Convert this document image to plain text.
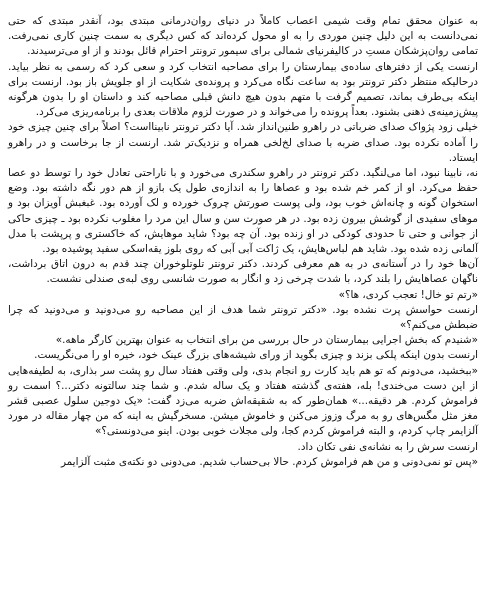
به عنوان محقق تمام وقت شیمی اعصاب کاملاً در دنیای روان‌درمانی مبتدی بود، آنقدر مبتدی که حتی نمی‌دانست به این دلیل چنین موردی را به او محول کرده‌اند که کس دیگری به سمت چنین کاری نمی‌رفت. تمامی روان‌پزشکان مستِ در کالیفرنیای شمالی برای سیمور ترونتر احترام قائل بودند و از او می‌ترسیدند.

ارنست یکی از دفترهای ساده‌ی بیمارستان را برای مصاحبه انتخاب کرد و سعی کرد که رسمی به نظر بیاید. درحالیکه منتظر دکتر ترونتر بود به ساعت نگاه می‌کرد و پرونده‌ی شکایت از او جلویش باز بود. ارنست برای اینکه بی‌طرف بماند، تصمیم گرفت با متهم بدون هیچ دانش قبلی مصاحبه کند و داستان او را بدون هرگونه پیش‌زمینه‌ی ذهنی بشنود. بعداً پرونده را می‌خواند و در صورت لزوم ملاقات بعدی را برنامه‌ریزی می‌کرد.

خیلی زود پژواک صدای ضرباتی در راهرو طنین‌انداز شد. آیا دکتر ترونتر نابینااست؟ اصلاً برای چنین چیزی خود را آماده نکرده بود. صدای ضربه با صدای لخ‌لخی همراه و نزدیک‌تر شد. ارنست از جا برخاست و در راهرو ایستاد.

نه، نابینا نبود، اما می‌لنگید. دکتر ترونتر در راهرو سکندری می‌خورد و با ناراحتی تعادل خود را توسط دو عصا حفظ می‌کرد. او از کمر خم شده بود و عصاها را به اندازه‌ی طول یک بازو از هم دور نگه داشته بود. وضع استخوان گونه و چانه‌اش خوب بود، ولی پوست صورتش چروک خورده و لک آورده بود. غبغبش آویزان بود و موهای سفیدی از گوشش بیرون زده بود. در هر صورت سن و سال این مرد را مغلوب نکرده بود ـ چیزی حاکی از جوانی و حتی تا حدودی کودکی در او زنده بود. آن چه بود؟ شاید موهایش، که خاکستری و پرپشت با مدل آلمانی زده شده بود. شاید هم لباس‌هایش، یک ژاکت آبی آبی که روی بلوز یقه‌اسکی سفید پوشیده بود.

آن‌ها خود را در آستانه‌ی در به هم معرفی کردند. دکتر ترونتر تلوتلوخوران چند قدم به درون اتاق برداشت، ناگهان عصاهایش را بلند کرد، با شدت چرخی زد و انگار به صورت شانسی روی لبه‌ی صندلی نشست.

«رتم تو خال! تعجب کردی، ها؟»

ارنست حواسش پرت نشده بود. «دکتر ترونتر شما هدف از این مصاحبه رو می‌دونید و می‌دونید که چرا ضبطش می‌کنم؟»

«شنیدم که بخش اجرایی بیمارستان در حال بررسی من برای انتخاب به عنوان بهترین کارگر ماهه.»

ارنست بدون اینکه پلکی بزند و چیزی بگوید از ورای شیشه‌های بزرگ عینک خود، خیره او را می‌نگریست.

«ببخشید، می‌دونم که تو هم باید کارت رو انجام بدی، ولی وقتی هفتاد سال رو پشت سر بذاری، به لطیفه‌هایی از این دست می‌خندی! بله، هفته‌ی گذشته هفتاد و یک ساله شدم. و شما چند سالتونه دکتر...؟ اسمت رو فراموش کردم. هر دقیقه...» همان‌طور که به شقیقه‌اش ضربه می‌زد گفت: «یک دوجین سلول عصبی قشر مغز مثل مگس‌های رو به مرگ وزوز می‌کنن و خاموش میشن. مسخرگیش به اینه که من چهار مقاله در مورد آلزایمر چاپ کردم، و البته فراموش کردم کجا، ولی مجلات خوبی بودن. اینو می‌دونستی؟»

ارنست سرش را به نشانه‌ی نفی تکان داد.

«پس تو نمی‌دونی و من هم فراموش کردم. حالا بی‌حساب شدیم. می‌دونی دو نکته‌ی مثبت آلزایمر
